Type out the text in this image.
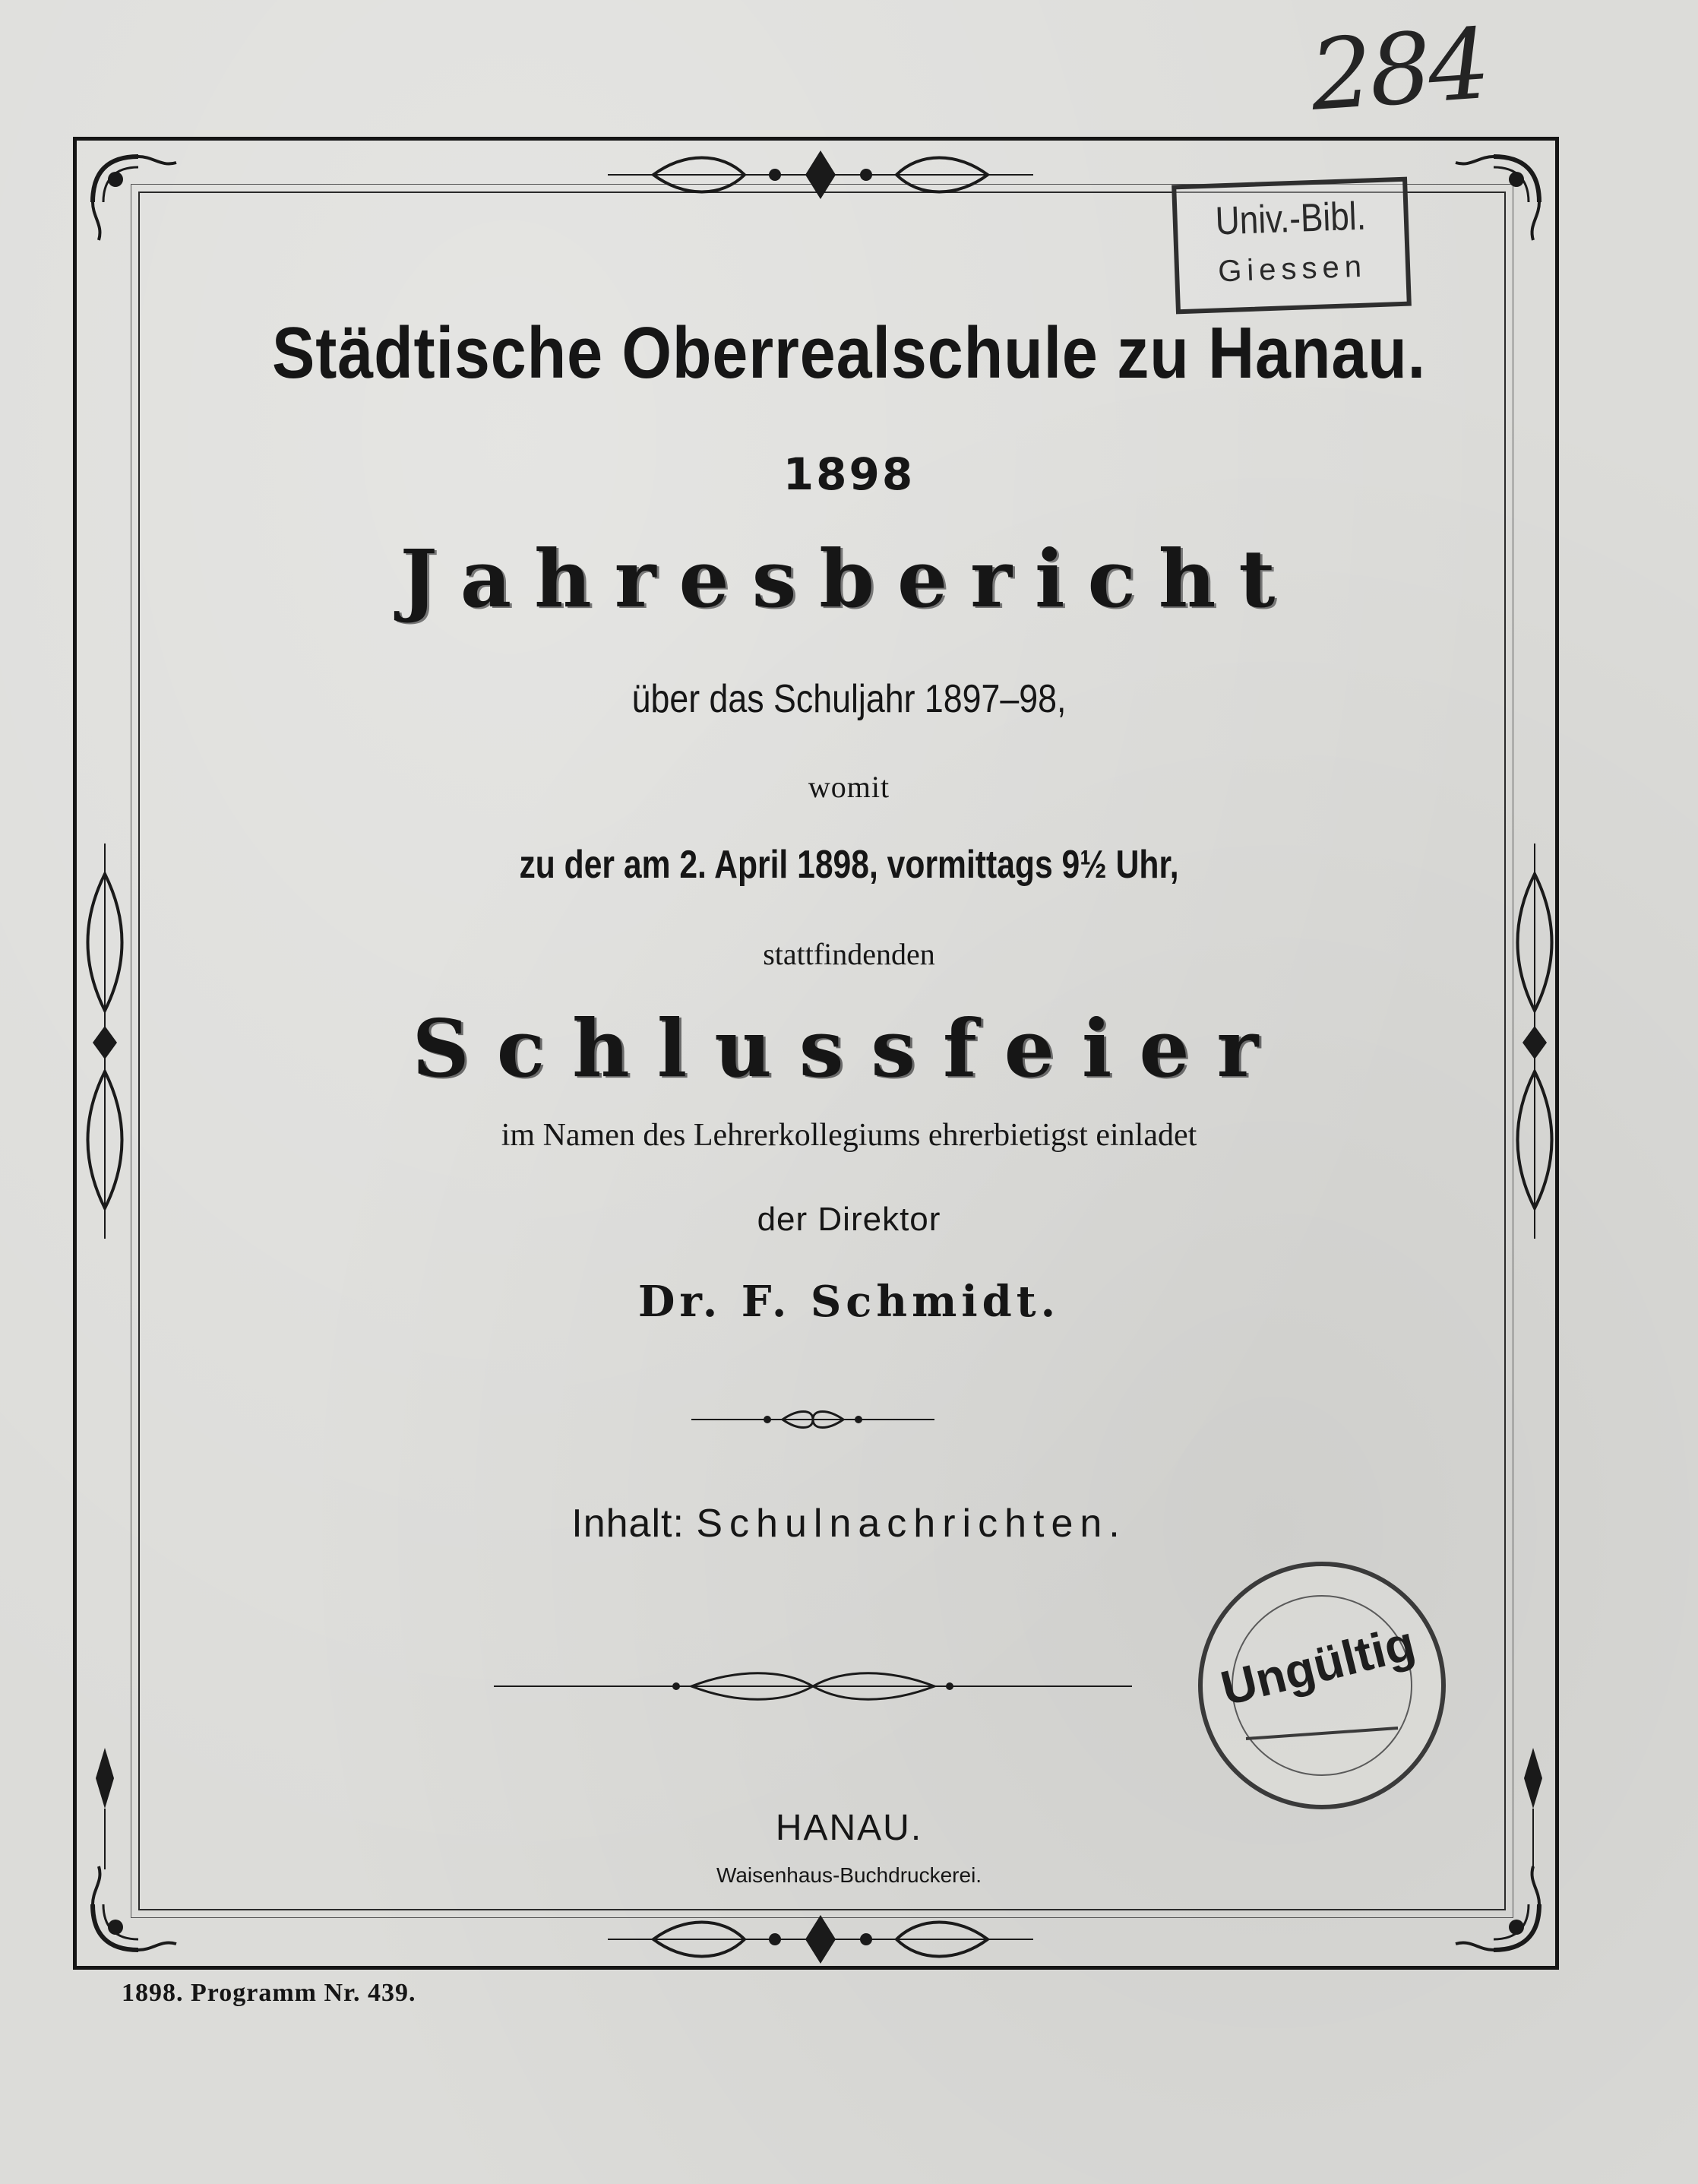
Städtische Oberrealschule zu Hanau.
1898
Jahresbericht
über das Schuljahr 1897–98,
womit
zu der am 2. April 1898, vormittags 9½ Uhr,
stattfindenden
Schlussfeier
im Namen des Lehrerkollegiums ehrerbietigst einladet
der Direktor
Dr. F. Schmidt.
Inhalt: Schulnachrichten.
HANAU.
Waisenhaus-Buchdruckerei.
1898. Programm Nr. 439.
284
Univ.-Bibl.
Giessen
Ungültig
